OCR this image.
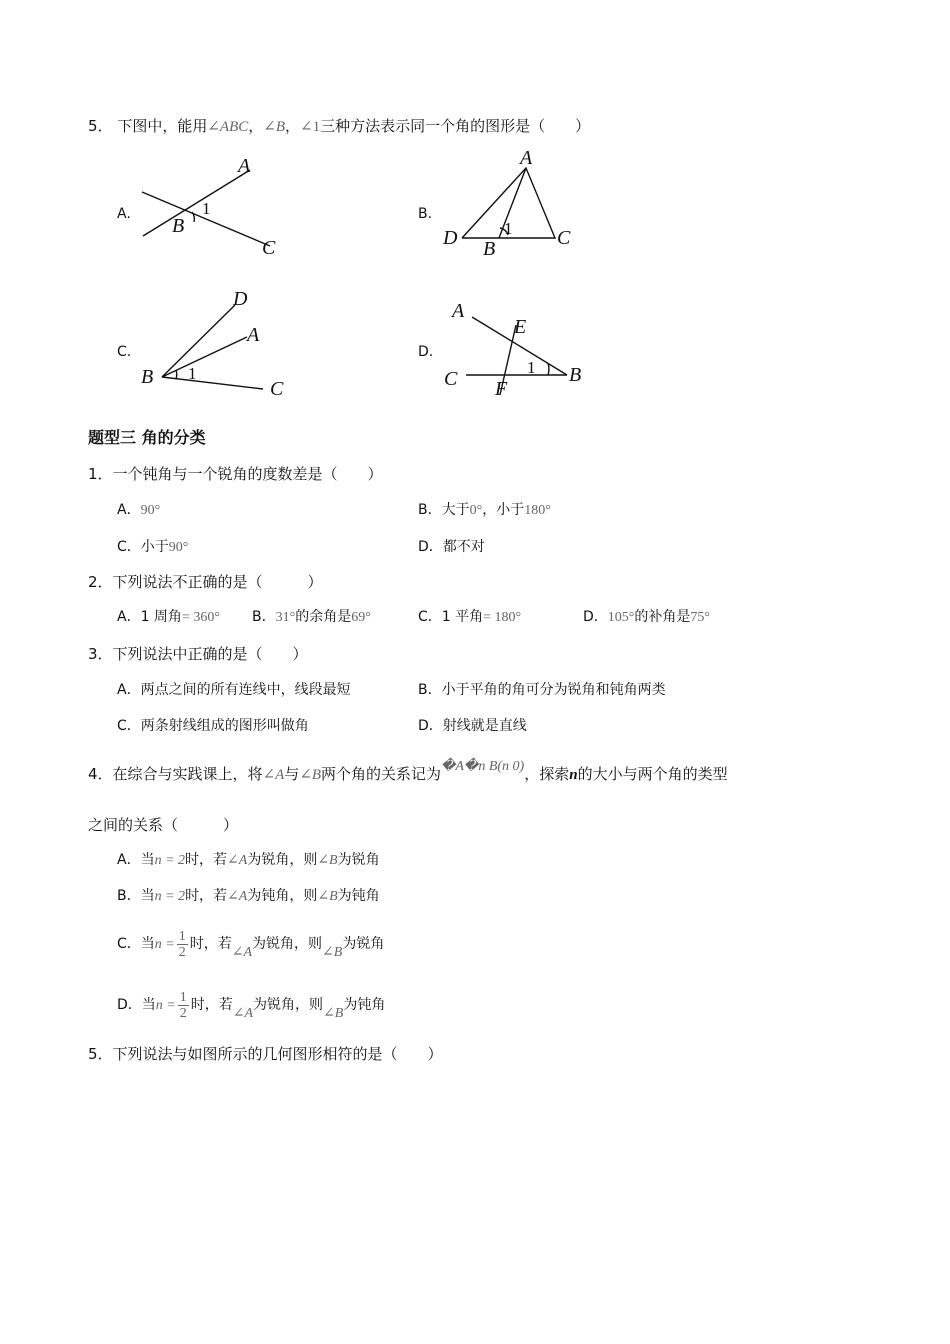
5． 下图中，能用∠ABC，∠B，∠1三种方法表示同一个角的图形是（　　）
A.
A
B
C
1	B.
A
D B	C
1
C.
D
A
B
C
1
D.
A
E
C F
B
1
题型三 角的分类
1．一个钝角与一个锐角的度数差是（　　）
A．90°	B．大于0°，小于180°
C．小于90°	D．都不对
2．下列说法不正确的是（　　　）
A．1 周角= 360° B．31°的余角是69°	C．1 平角= 180°	D．105°的补角是75°
3．下列说法中正确的是（　　）
A．两点之间的所有连线中，线段最短	B．小于平角的角可分为锐角和钝角两类
C．两条射线组成的图形叫做角	D．射线就是直线
4．在综合与实践课上，将∠A与∠B两个角的关系记为�A�n B(n 0)，探索n的大小与两个角的类型
之间的关系（　　　）
A．当n = 2时，若∠A为锐角，则∠B为锐角
B．当n = 2时，若∠A为钝角，则∠B为钝角
C．当$n = \frac{1}{2}$ 时，若∠A为锐角，则∠B为锐角
D．当$n = \frac{1}{2}$ 时，若∠A为锐角，则∠B为钝角
5．下列说法与如图所示的几何图形相符的是（　　）
